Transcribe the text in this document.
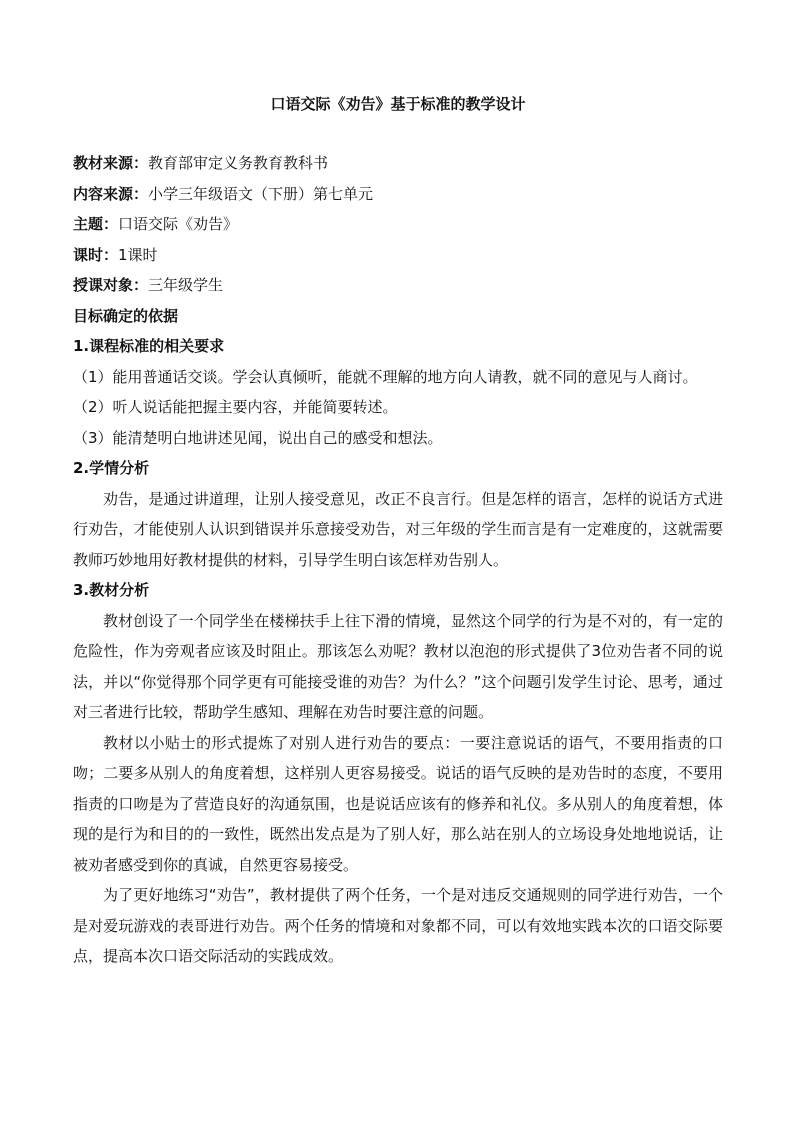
口语交际《劝告》基于标准的教学设计
教材来源：教育部审定义务教育教科书
内容来源：小学三年级语文（下册）第七单元
主题：口语交际《劝告》
课时：1课时
授课对象：三年级学生
目标确定的依据
1.课程标准的相关要求
（1）能用普通话交谈。学会认真倾听，能就不理解的地方向人请教，就不同的意见与人商讨。
（2）听人说话能把握主要内容，并能简要转述。
（3）能清楚明白地讲述见闻，说出自己的感受和想法。
2.学情分析
劝告，是通过讲道理，让别人接受意见，改正不良言行。但是怎样的语言，怎样的说话方式进行劝告，才能使别人认识到错误并乐意接受劝告，对三年级的学生而言是有一定难度的，这就需要教师巧妙地用好教材提供的材料，引导学生明白该怎样劝告别人。
3.教材分析
教材创设了一个同学坐在楼梯扶手上往下滑的情境，显然这个同学的行为是不对的，有一定的危险性，作为旁观者应该及时阻止。那该怎么劝呢？教材以泡泡的形式提供了3位劝告者不同的说法，并以“你觉得那个同学更有可能接受谁的劝告？为什么？”这个问题引发学生讨论、思考，通过对三者进行比较，帮助学生感知、理解在劝告时要注意的问题。
教材以小贴士的形式提炼了对别人进行劝告的要点：一要注意说话的语气，不要用指责的口吻；二要多从别人的角度着想，这样别人更容易接受。说话的语气反映的是劝告时的态度，不要用指责的口吻是为了营造良好的沟通氛围，也是说话应该有的修养和礼仪。多从别人的角度着想，体现的是行为和目的的一致性，既然出发点是为了别人好，那么站在别人的立场设身处地地说话，让被劝者感受到你的真诚，自然更容易接受。
为了更好地练习“劝告”，教材提供了两个任务，一个是对违反交通规则的同学进行劝告，一个是对爱玩游戏的表哥进行劝告。两个任务的情境和对象都不同，可以有效地实践本次的口语交际要点，提高本次口语交际活动的实践成效。
